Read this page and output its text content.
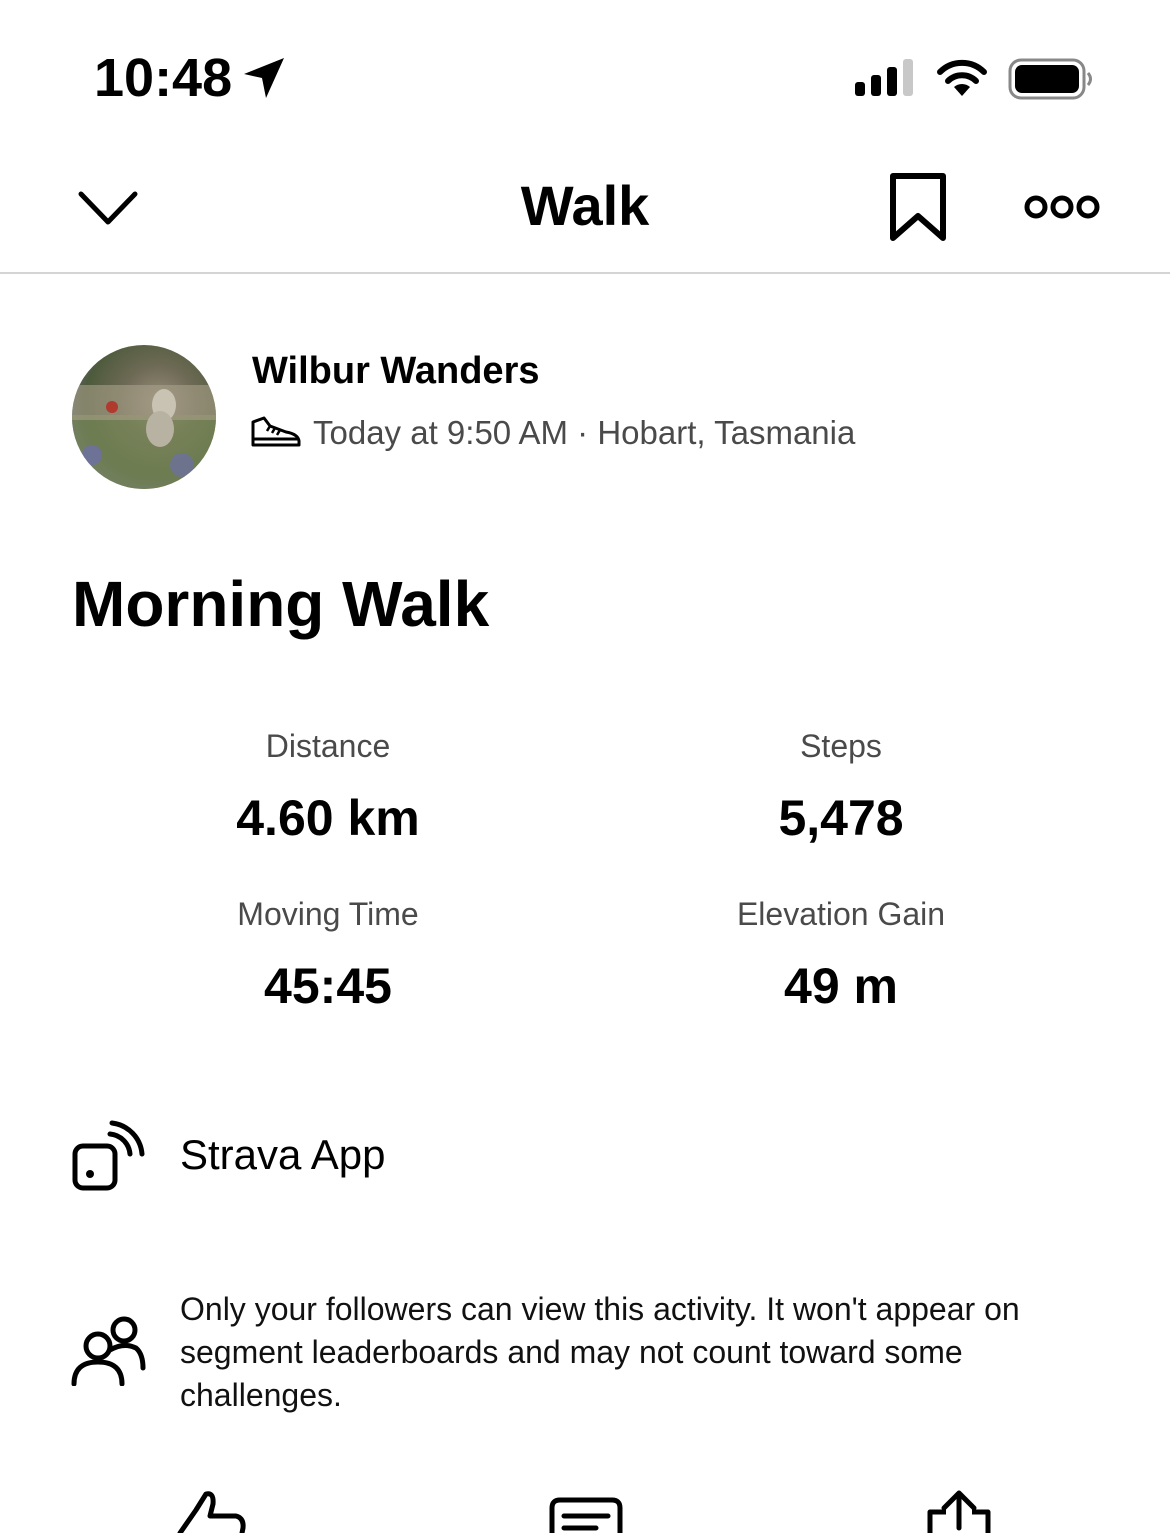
10:48
Walk
Wilbur Wanders
Today at 9:50 AM · Hobart, Tasmania
Morning Walk
Distance
4.60 km
Steps
5,478
Moving Time
45:45
Elevation Gain
49 m
Strava App
Only your followers can view this activity. It won't appear on segment leaderboards and may not count toward some challenges.
